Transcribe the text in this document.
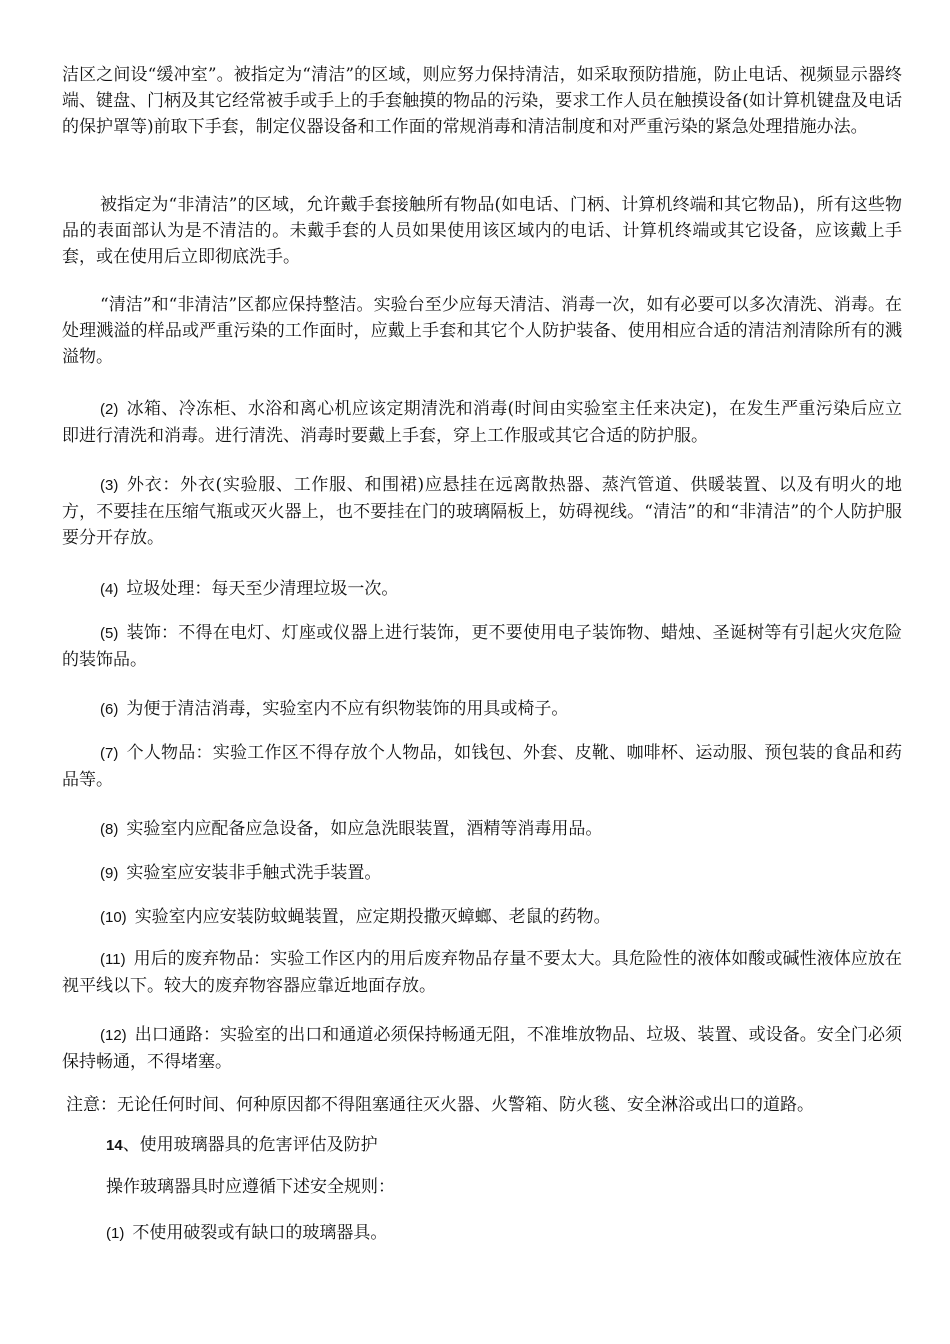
洁区之间设“缓冲室”。被指定为“清洁”的区域，则应努力保持清洁，如采取预防措施，防止电话、视频显示器终端、键盘、门柄及其它经常被手或手上的手套触摸的物品的污染，要求工作人员在触摸设备(如计算机键盘及电话的保护罩等)前取下手套，制定仪器设备和工作面的常规消毒和清洁制度和对严重污染的紧急处理措施办法。

被指定为“非清洁”的区域，允许戴手套接触所有物品(如电话、门柄、计算机终端和其它物品)，所有这些物品的表面部认为是不清洁的。未戴手套的人员如果使用该区域内的电话、计算机终端或其它设备，应该戴上手套，或在使用后立即彻底洗手。

“清洁”和“非清洁”区都应保持整洁。实验台至少应每天清洁、消毒一次，如有必要可以多次清洗、消毒。在处理溅溢的样品或严重污染的工作面时，应戴上手套和其它个人防护装备、使用相应合适的清洁剂清除所有的溅溢物。

(2) 冰箱、冷冻柜、水浴和离心机应该定期清洗和消毒(时间由实验室主任来决定)，在发生严重污染后应立即进行清洗和消毒。进行清洗、消毒时要戴上手套，穿上工作服或其它合适的防护服。

(3) 外衣：外衣(实验服、工作服、和围裙)应悬挂在远离散热器、蒸汽管道、供暖装置、以及有明火的地方，不要挂在压缩气瓶或灭火器上，也不要挂在门的玻璃隔板上，妨碍视线。“清洁”的和“非清洁”的个人防护服要分开存放。

(4) 垃圾处理：每天至少清理垃圾一次。

(5) 装饰：不得在电灯、灯座或仪器上进行装饰，更不要使用电子装饰物、蜡烛、圣诞树等有引起火灾危险的装饰品。

(6) 为便于清洁消毒，实验室内不应有织物装饰的用具或椅子。

(7) 个人物品：实验工作区不得存放个人物品，如钱包、外套、皮靴、咖啡杯、运动服、预包装的食品和药品等。

(8) 实验室内应配备应急设备，如应急洗眼装置，酒精等消毒用品。

(9) 实验室应安装非手触式洗手装置。

(10) 实验室内应安装防蚊蝇装置，应定期投撒灭蟑螂、老鼠的药物。

(11) 用后的废弃物品：实验工作区内的用后废弃物品存量不要太大。具危险性的液体如酸或碱性液体应放在视平线以下。较大的废弃物容器应靠近地面存放。

(12) 出口通路：实验室的出口和通道必须保持畅通无阻，不准堆放物品、垃圾、装置、或设备。安全门必须保持畅通，不得堵塞。

注意：无论任何时间、何种原因都不得阻塞通往灭火器、火警箱、防火毯、安全淋浴或出口的道路。

14、使用玻璃器具的危害评估及防护

操作玻璃器具时应遵循下述安全规则：

(1) 不使用破裂或有缺口的玻璃器具。
